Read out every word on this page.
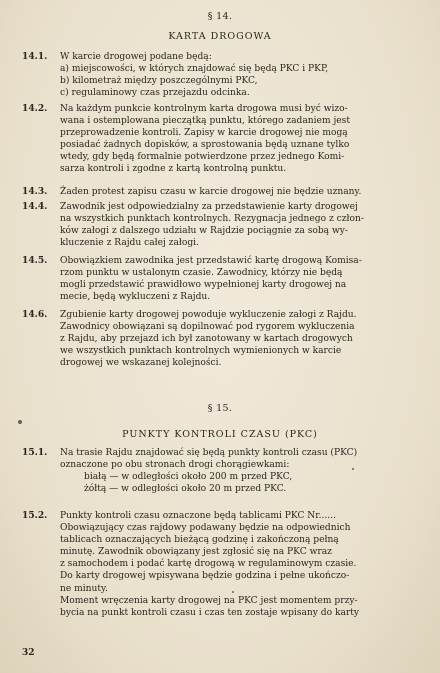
§ 14.
KARTA DROGOWA
14.1. W karcie drogowej podane będą:
a) miejscowości, w których znajdować się będą PKC i PKP,
b) kilometraż między poszczególnymi PKC,
c) regulaminowy czas przejazdu odcinka.
14.2. Na każdym punkcie kontrolnym karta drogowa musi być wizo-
wana i ostemplowana pieczątką punktu, którego zadaniem jest
przeprowadzenie kontroli. Zapisy w karcie drogowej nie mogą
posiadać żadnych dopisków, a sprostowania będą uznane tylko
wtedy, gdy będą formalnie potwierdzone przez jednego Komi-
sarza kontroli i zgodne z kartą kontrolną punktu.
14.3. Żaden protest zapisu czasu w karcie drogowej nie będzie uznany.
14.4. Zawodnik jest odpowiedzialny za przedstawienie karty drogowej
na wszystkich punktach kontrolnych. Rezygnacja jednego z człon-
ków załogi z dalszego udziału w Rajdzie pociągnie za sobą wy-
kluczenie z Rajdu całej załogi.
14.5. Obowiązkiem zawodnika jest przedstawić kartę drogową Komisa-
rzom punktu w ustalonym czasie. Zawodnicy, którzy nie będą
mogli przedstawić prawidłowo wypełnionej karty drogowej na
mecie, będą wykluczeni z Rajdu.
14.6. Zgubienie karty drogowej powoduje wykluczenie załogi z Rajdu.
Zawodnicy obowiązani są dopilnować pod rygorem wykluczenia
z Rajdu, aby przejazd ich był zanotowany w kartach drogowych
we wszystkich punktach kontrolnych wymienionych w karcie
drogowej we wskazanej kolejności.
§ 15.
PUNKTY KONTROLI CZASU (PKC)
15.1. Na trasie Rajdu znajdować się będą punkty kontroli czasu (PKC)
oznaczone po obu stronach drogi chorągiewkami:
białą — w odległości około 200 m przed PKC,
żółtą — w odległości około 20 m przed PKC.
15.2. Punkty kontroli czasu oznaczone będą tablicami PKC Nr......
Obowiązujący czas rajdowy podawany będzie na odpowiednich
tablicach oznaczających bieżącą godzinę i zakończoną pełną
minutę. Zawodnik obowiązany jest zgłosić się na PKC wraz
z samochodem i podać kartę drogową w regulaminowym czasie.
Do karty drogowej wpisywana będzie godzina i pełne ukończo-
ne minuty.
Moment wręczenia karty drogowej na PKC jest momentem przy-
bycia na punkt kontroli czasu i czas ten zostaje wpisany do karty
32
